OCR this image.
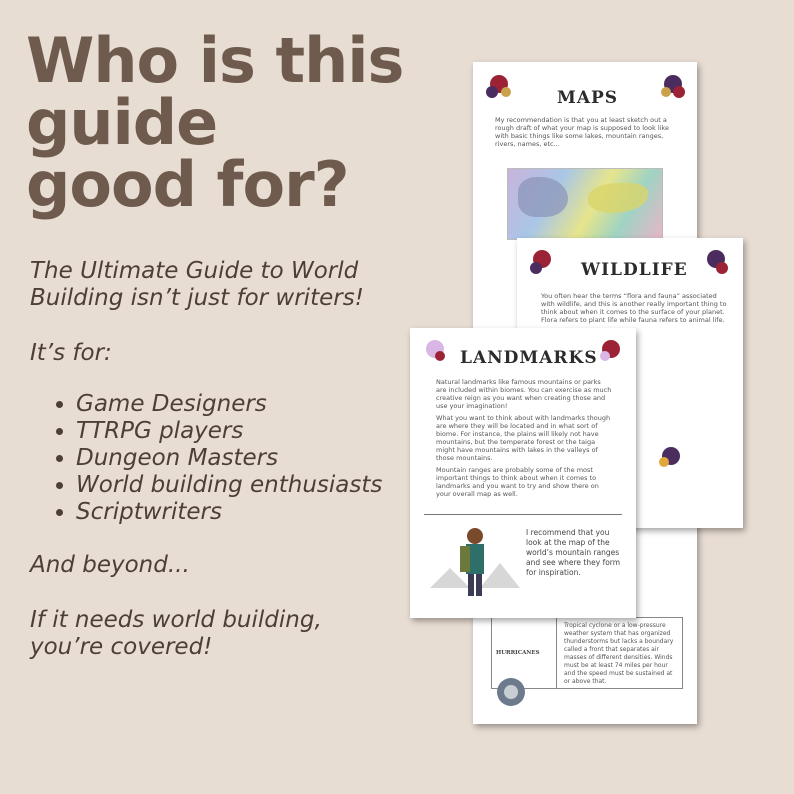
Who is this guide good for?

The Ultimate Guide to World Building isn’t just for writers!

It’s for:

• Game Designers
• TTRPG players
• Dungeon Masters
• World building enthusiasts
• Scriptwriters

And beyond...

If it needs world building, you’re covered!

MAPS
My recommendation is that you at least sketch out a rough draft of what your map is supposed to look like with basic things like some lakes, mountain ranges, rivers, names, etc...
HURRICANES
Tropical cyclone or a low-pressure weather system that has organized thunderstorms but lacks a boundary called a front that separates air masses of different densities. Winds must be at least 74 miles per hour and the speed must be sustained at or above that.
WILDLIFE
You often hear the terms “flora and fauna” associated with wildlife, and this is another really important thing to think about when it comes to the surface of your planet. Flora refers to plant life while fauna refers to animal life.
LANDMARKS
Natural landmarks like famous mountains or parks are included within biomes. You can exercise as much creative reign as you want when creating those and use your imagination!
What you want to think about with landmarks though are where they will be located and in what sort of biome. For instance, the plains will likely not have mountains, but the temperate forest or the taiga might have mountains with lakes in the valleys of those mountains.
Mountain ranges are probably some of the most important things to think about when it comes to landmarks and you want to try and show there on your overall map as well.
I recommend that you look at the map of the world’s mountain ranges and see where they form for inspiration.
